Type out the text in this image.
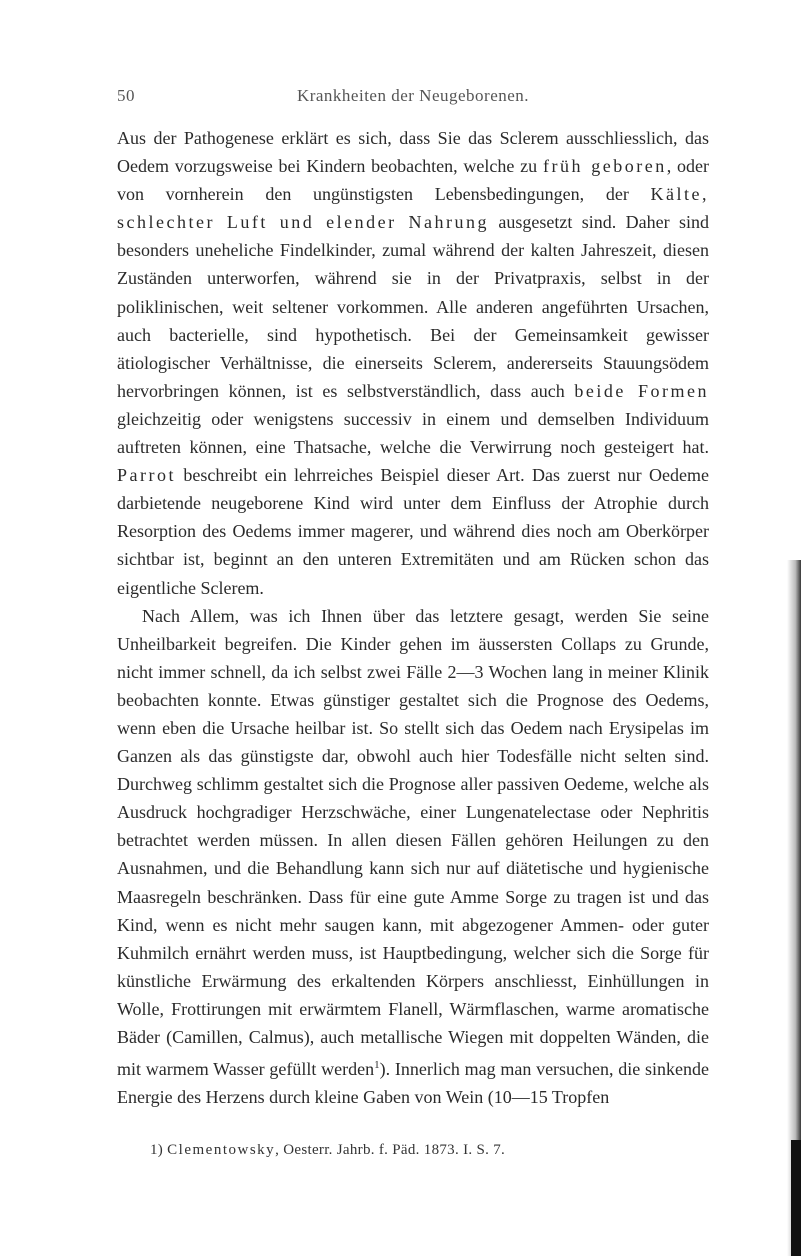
50	Krankheiten der Neugeborenen.

Aus der Pathogenese erklärt es sich, dass Sie das Sclerem ausschliesslich, das Oedem vorzugsweise bei Kindern beobachten, welche zu früh geboren, oder von vornherein den ungünstigsten Lebensbedingungen, der Kälte, schlechter Luft und elender Nahrung ausgesetzt sind. Daher sind besonders uneheliche Findelkinder, zumal während der kalten Jahreszeit, diesen Zuständen unterworfen, während sie in der Privatpraxis, selbst in der poliklinischen, weit seltener vorkommen. Alle anderen angeführten Ursachen, auch bacterielle, sind hypothetisch. Bei der Gemeinsamkeit gewisser ätiologischer Verhältnisse, die einerseits Sclerem, andererseits Stauungsödem hervorbringen können, ist es selbstverständlich, dass auch beide Formen gleichzeitig oder wenigstens successiv in einem und demselben Individuum auftreten können, eine Thatsache, welche die Verwirrung noch gesteigert hat. Parrot beschreibt ein lehrreiches Beispiel dieser Art. Das zuerst nur Oedeme darbietende neugeborene Kind wird unter dem Einfluss der Atrophie durch Resorption des Oedems immer magerer, und während dies noch am Oberkörper sichtbar ist, beginnt an den unteren Extremitäten und am Rücken schon das eigentliche Sclerem.

Nach Allem, was ich Ihnen über das letztere gesagt, werden Sie seine Unheilbarkeit begreifen. Die Kinder gehen im äussersten Collaps zu Grunde, nicht immer schnell, da ich selbst zwei Fälle 2—3 Wochen lang in meiner Klinik beobachten konnte. Etwas günstiger gestaltet sich die Prognose des Oedems, wenn eben die Ursache heilbar ist. So stellt sich das Oedem nach Erysipelas im Ganzen als das günstigste dar, obwohl auch hier Todesfälle nicht selten sind. Durchweg schlimm gestaltet sich die Prognose aller passiven Oedeme, welche als Ausdruck hochgradiger Herzschwäche, einer Lungenatelectase oder Nephritis betrachtet werden müssen. In allen diesen Fällen gehören Heilungen zu den Ausnahmen, und die Behandlung kann sich nur auf diätetische und hygienische Maasregeln beschränken. Dass für eine gute Amme Sorge zu tragen ist und das Kind, wenn es nicht mehr saugen kann, mit abgezogener Ammen- oder guter Kuhmilch ernährt werden muss, ist Hauptbedingung, welcher sich die Sorge für künstliche Erwärmung des erkaltenden Körpers anschliesst, Einhüllungen in Wolle, Frottirungen mit erwärmtem Flanell, Wärmflaschen, warme aromatische Bäder (Camillen, Calmus), auch metallische Wiegen mit doppelten Wänden, die mit warmem Wasser gefüllt werden$^1$). Innerlich mag man versuchen, die sinkende Energie des Herzens durch kleine Gaben von Wein (10—15 Tropfen

1) Clementowsky, Oesterr. Jahrb. f. Päd. 1873. I. S. 7.
